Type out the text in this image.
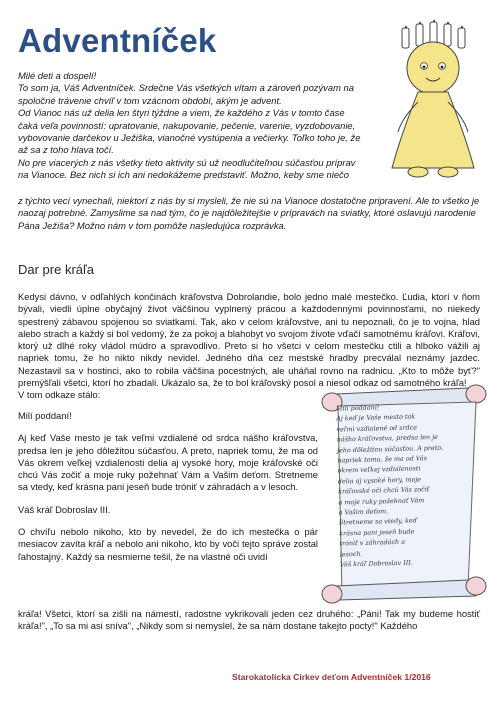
Adventníček

Milé deti a dospelí!

To som ja, Váš Adventníček. Srdečne Vás všetkých vítam a zároveň pozývam na spoločné trávenie chvíľ v tom vzácnom období, akým je advent.

Od Vianoc nás už delia len štyri týždne a viem, že každého z Vás v tomto čase čaká veľa povinností: upratovanie, nakupovanie, pečenie, varenie, vyzdobovanie, vybovovanie darčekov u Ježiška, vianočné vystúpenia a večierky. Toľko toho je, že až sa z toho hlava točí.

No pre viacerých z nás všetky tieto aktivity sú už neodlučiteľnou súčasťou príprav na Vianoce. Bez nich si ich ani nedokážeme predstaviť. Možno, keby sme niečo

z týchto vecí vynechali, niektorí z nás by si mysleli, že nie sú na Vianoce dostatočne pripravení. Ale to všetko je naozaj potrebné. Zamyslime sa nad tým, čo je najdôležitejšie v prípravách na sviatky, ktoré oslavujú narodenie Pána Ježiša? Možno nám v tom pomôže nasledujúca rozprávka.

Dar pre kráľa

Kedysi dávno, v odľahlých končinách kráľovstva Dobrolandie, bolo jedno malé mestečko. Ľudia, ktorí v ňom bývali, viedli úplne obyčajný život väčšinou vyplnený prácou a každodennými povinnosťami, no niekedy spestrený zábavou spojenou so sviatkami. Tak, ako v celom kráľovstve, ani tu nepoznali, čo je to vojna, hlad alebo strach a každý si bol vedomý, že za pokoj a blahobyt vo svojom živote vďačí samotnému kráľovi. Kráľovi, ktorý už dlhé roky vládol múdro a spravodlivo. Preto si ho všetci v celom mestečku ctili a hlboko vážili aj napriek tomu, že ho nikto nikdy nevidel. Jedného dňa cez mestské hradby precválal neznámy jazdec. Nezastavil sa v hostinci, ako to robila väčšina pocestných, ale uháňal rovno na radnicu. „Kto to môže byť?" premýšľali všetci, ktorí ho zbadali. Ukázalo sa, že to bol kráľovský posol a niesol odkaz od samotného kráľa!

V tom odkaze stálo:

Milí poddaní!

Aj keď Vaše mesto je tak veľmi vzdialené od srdca nášho kráľovstva, predsa len je jeho dôležitou súčasťou. A preto, napriek tomu, že ma od Vás okrem veľkej vzdialenosti delia aj vysoké hory, moje kráľovské oči chcú Vás zočiť a moje ruky požehnať Vám a Vašim deťom. Stretneme sa vtedy, keď krásna pani jeseň bude tróniť v záhradách a v lesoch.

Váš kráľ Dobroslav III.

O chvíľu nebolo nikoho, kto by nevedel, že do ich mestečka o pár mesiacov zavíta kráľ a nebolo ani nikoho, kto by voči tejto správe zostal ľahostajný. Každý sa nesmierne tešil, že na vlastné oči uvidí

Milí poddaní!

Aj keď je Vaše mesto tak

veľmi vzdialené od srdca

nášho kráľovstva, predsa len je

jeho dôležitou súčasťou. A preto,

napriek tomu, že ma od Vás

okrem veľkej vzdialenosti

delia aj vysoké hory, moje

kráľovské oči chcú Vás zočiť

a moje ruky požehnať Vám

a Vašim deťom.

Stretneme sa vtedy, keď

krásna pani jeseň bude

tróniť v záhradách a

lesoch.

Váš kráľ Dobroslav III.

kráľa! Všetci, ktorí sa zišli na námestí, radostne vykrikovali jeden cez druhého: „Páni! Tak my budeme hostiť kráľa!", „To sa mi asi sníva", „Nikdy som si nemyslel, že sa nám dostane takejto pocty!" Každého
Starokatolícka Cirkev deťom Adventníček 1/2016
